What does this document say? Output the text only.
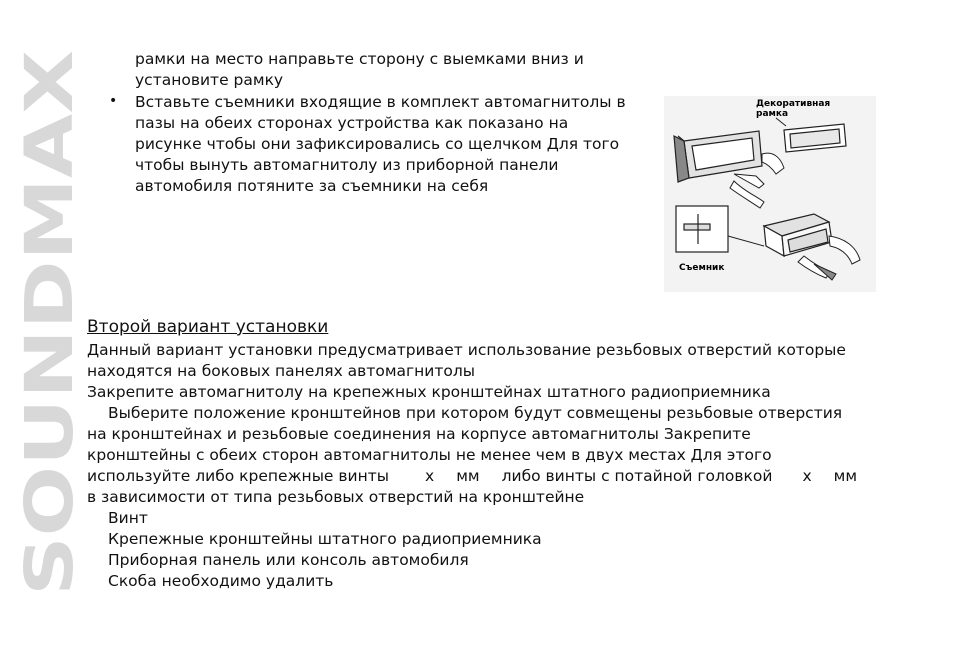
SOUNDMAX
рамки на место направьте сторону с выемками вниз и
установите рамку
• Вставьте съемники входящие в комплект автомагнитолы в
пазы на обеих сторонах устройства как показано на
рисунке чтобы они зафиксировались со щелчком Для того
чтобы вынуть автомагнитолу из приборной панели
автомобиля потяните за съемники на себя
Декоративная
рамка
Съемник
Второй вариант установки
Данный вариант установки предусматривает использование резьбовых отверстий которые
находятся на боковых панелях автомагнитолы
Закрепите автомагнитолу на крепежных кронштейнах штатного радиоприемника
Выберите положение кронштейнов при котором будут совмещены резьбовые отверстия
на кронштейнах и резьбовые соединения на корпусе автомагнитолы Закрепите
кронштейны с обеих сторон автомагнитолы не менее чем в двух местах Для этого
используйте либо крепежные винты х мм либо винты с потайной головкой х мм
в зависимости от типа резьбовых отверстий на кронштейне
Винт
Крепежные кронштейны штатного радиоприемника
Приборная панель или консоль автомобиля
Скоба необходимо удалить
